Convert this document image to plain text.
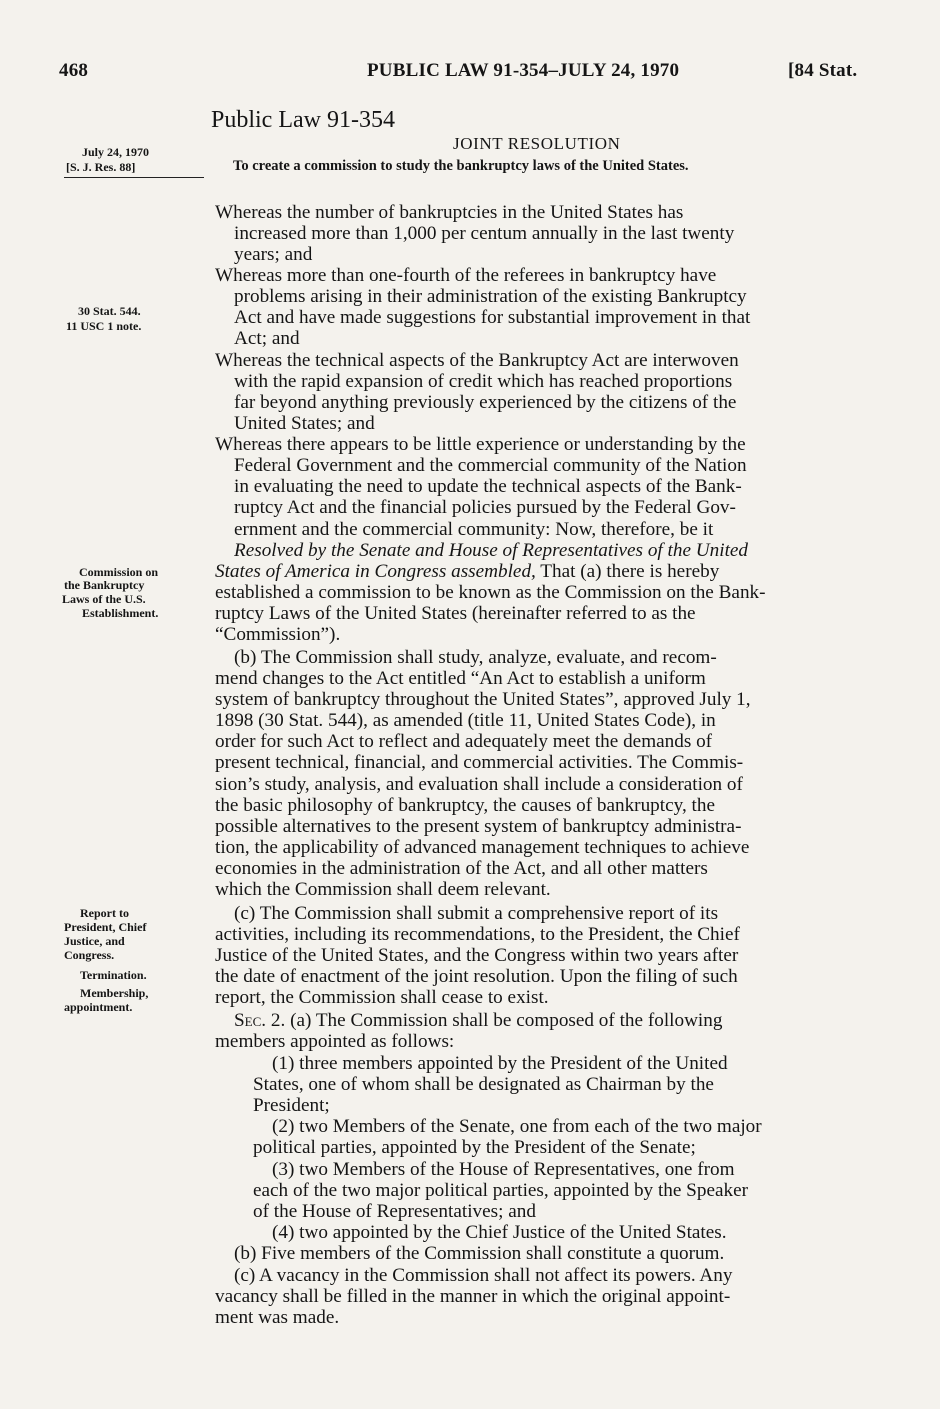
468	PUBLIC LAW 91-354–JULY 24, 1970	[84 Stat.
Public Law 91-354
JOINT RESOLUTION
To create a commission to study the bankruptcy laws of the United States.
July 24, 1970
[S. J. Res. 88]
30 Stat. 544.
11 USC 1 note.
Commission on
the Bankruptcy
Laws of the U.S.
Establishment.
Report to
President, Chief
Justice, and
Congress.
Termination.
Membership,
appointment.
Whereas the number of bankruptcies in the United States has
increased more than 1,000 per centum annually in the last twenty
years; and
Whereas more than one-fourth of the referees in bankruptcy have
problems arising in their administration of the existing Bankruptcy
Act and have made suggestions for substantial improvement in that
Act; and
Whereas the technical aspects of the Bankruptcy Act are interwoven
with the rapid expansion of credit which has reached proportions
far beyond anything previously experienced by the citizens of the
United States; and
Whereas there appears to be little experience or understanding by the
Federal Government and the commercial community of the Nation
in evaluating the need to update the technical aspects of the Bank-
ruptcy Act and the financial policies pursued by the Federal Gov-
ernment and the commercial community: Now, therefore, be it
Resolved by the Senate and House of Representatives of the United
States of America in Congress assembled, That (a) there is hereby
established a commission to be known as the Commission on the Bank-
ruptcy Laws of the United States (hereinafter referred to as the
“Commission”).
(b) The Commission shall study, analyze, evaluate, and recom-
mend changes to the Act entitled “An Act to establish a uniform
system of bankruptcy throughout the United States”, approved July 1,
1898 (30 Stat. 544), as amended (title 11, United States Code), in
order for such Act to reflect and adequately meet the demands of
present technical, financial, and commercial activities. The Commis-
sion’s study, analysis, and evaluation shall include a consideration of
the basic philosophy of bankruptcy, the causes of bankruptcy, the
possible alternatives to the present system of bankruptcy administra-
tion, the applicability of advanced management techniques to achieve
economies in the administration of the Act, and all other matters
which the Commission shall deem relevant.
(c) The Commission shall submit a comprehensive report of its
activities, including its recommendations, to the President, the Chief
Justice of the United States, and the Congress within two years after
the date of enactment of the joint resolution. Upon the filing of such
report, the Commission shall cease to exist.
Sec. 2. (a) The Commission shall be composed of the following
members appointed as follows:
(1) three members appointed by the President of the United
States, one of whom shall be designated as Chairman by the
President;
(2) two Members of the Senate, one from each of the two major
political parties, appointed by the President of the Senate;
(3) two Members of the House of Representatives, one from
each of the two major political parties, appointed by the Speaker
of the House of Representatives; and
(4) two appointed by the Chief Justice of the United States.
(b) Five members of the Commission shall constitute a quorum.
(c) A vacancy in the Commission shall not affect its powers. Any
vacancy shall be filled in the manner in which the original appoint-
ment was made.
